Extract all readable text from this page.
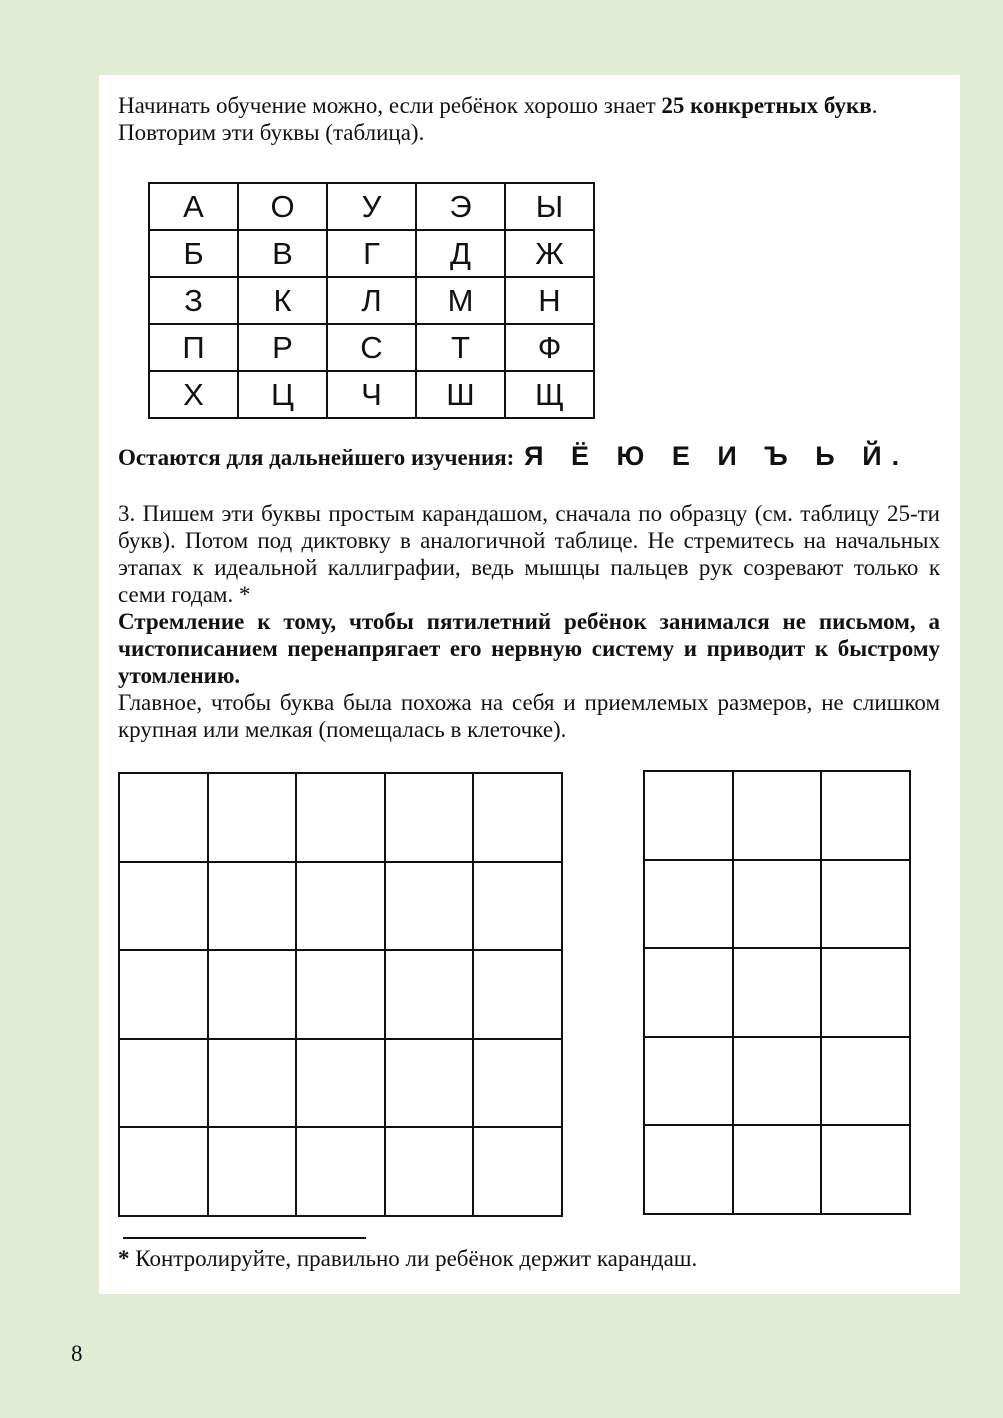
Начинать обучение можно, если ребёнок хорошо знает 25 конкретных букв. Повторим эти буквы (таблица).

А	О	У	Э	Ы
Б	В	Г	Д	Ж
З	К	Л	М	Н
П	Р	С	Т	Ф
Х	Ц	Ч	Ш	Щ
Остаются для дальнейшего изучения: Я Ё Ю Е И Ъ Ь Й.
3. Пишем эти буквы простым карандашом, сначала по образцу (см. таблицу 25-ти букв). Потом под диктовку в аналогичной таблице. Не стремитесь на начальных этапах к идеальной каллиграфии, ведь мышцы пальцев рук созревают только к семи годам. *
Стремление к тому, чтобы пятилетний ребёнок занимался не письмом, а чистописанием перенапрягает его нервную систему и приводит к быстрому утомлению.
Главное, чтобы буква была похожа на себя и приемлемых размеров, не слишком крупная или мелкая (помещалась в клеточке).
* Контролируйте, правильно ли ребёнок держит карандаш.
8
